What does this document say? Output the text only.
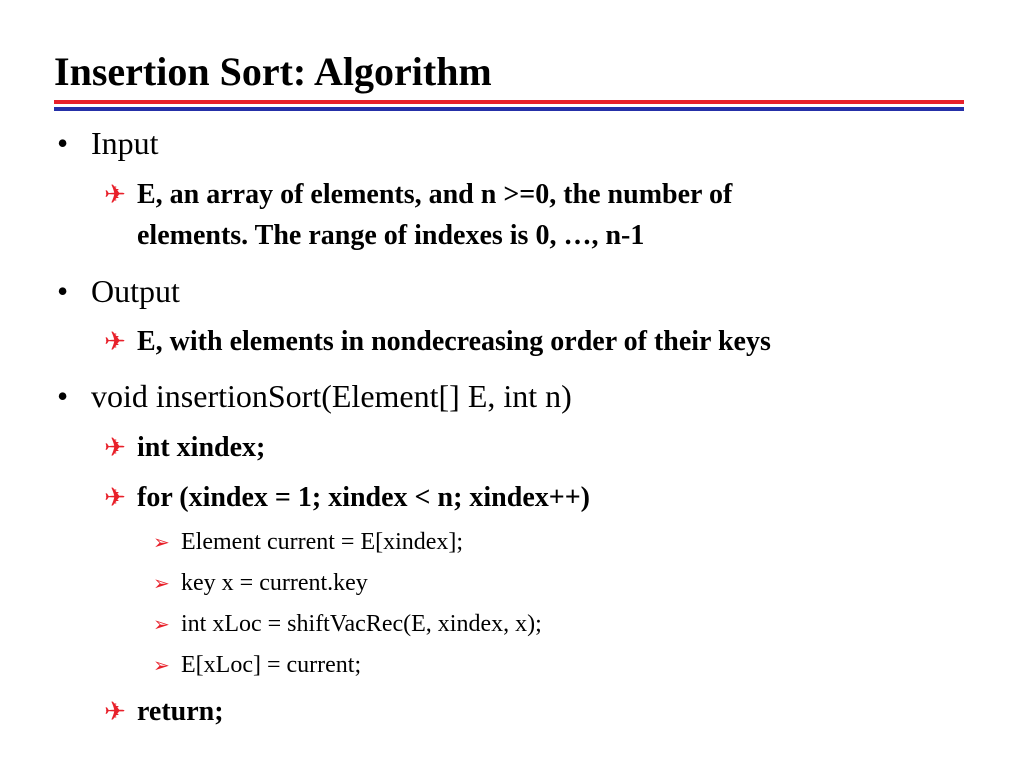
Insertion Sort: Algorithm
• Input
✈ E, an array of elements, and n >=0, the number of
elements. The range of indexes is 0, …, n-1
• Output
✈ E, with elements in nondecreasing order of their keys
• void insertionSort(Element[] E, int n)
✈ int xindex;
✈ for (xindex = 1; xindex < n; xindex++)
➢ Element current = E[xindex];
➢ key x = current.key
➢ int xLoc = shiftVacRec(E, xindex, x);
➢ E[xLoc] = current;
✈ return;
